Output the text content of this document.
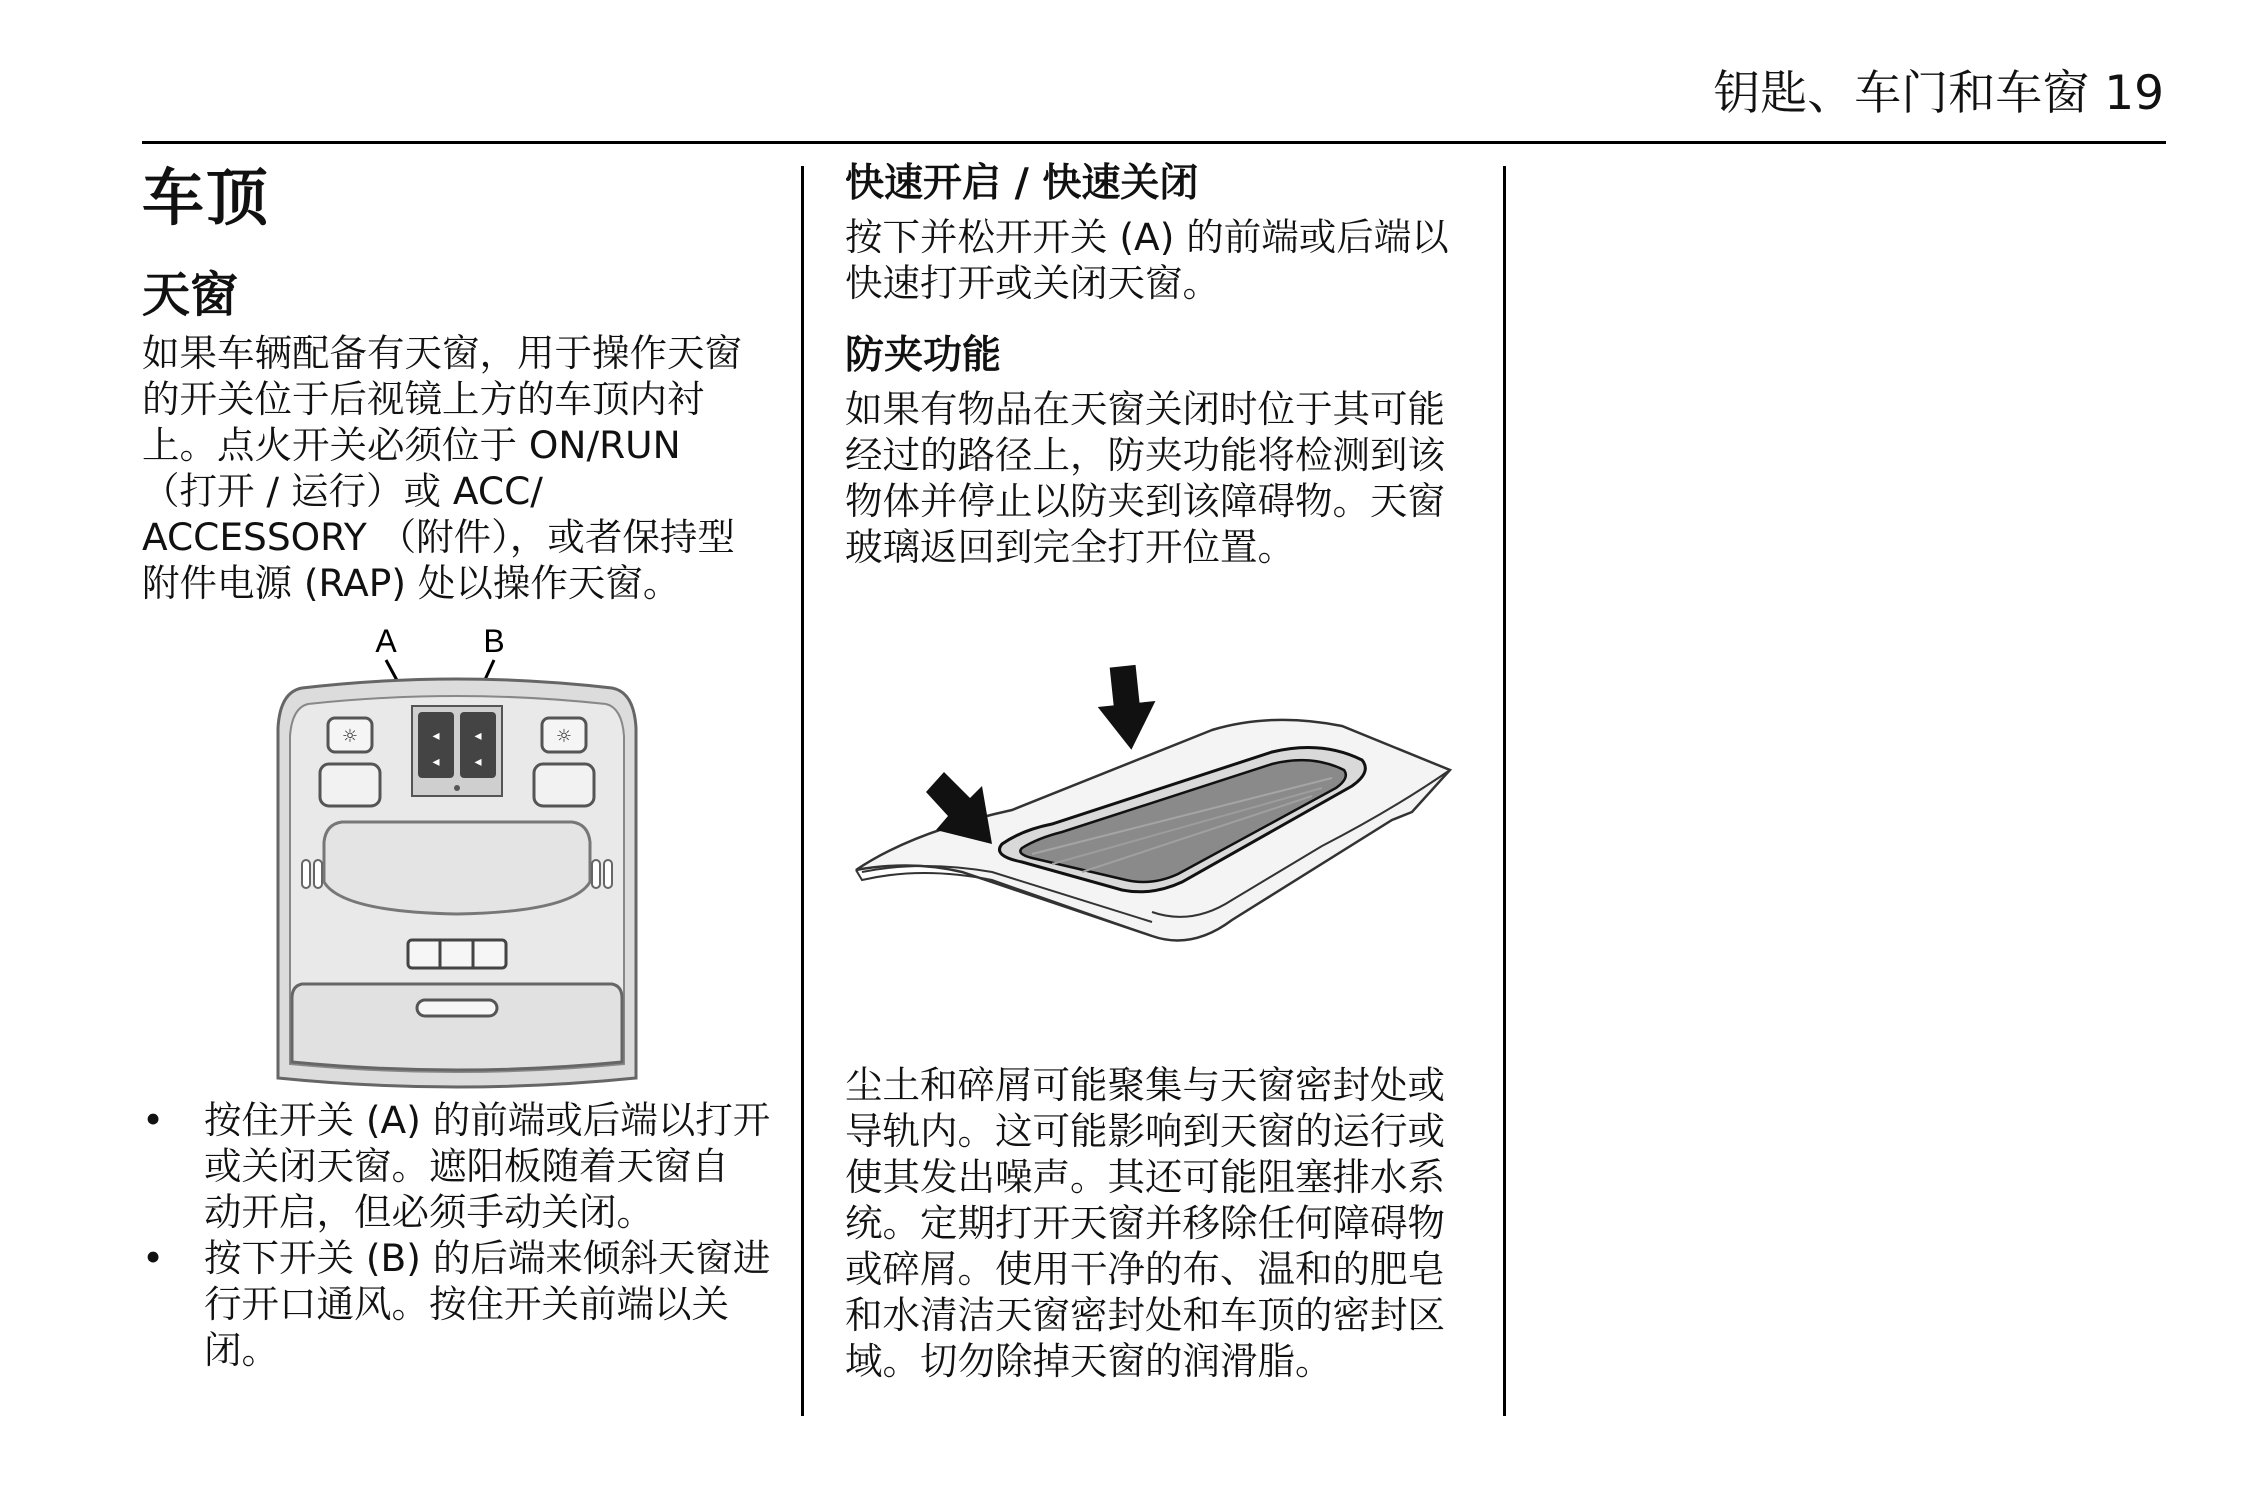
钥匙、车门和车窗 19
车顶
天窗
如果车辆配备有天窗，用于操作天窗
的开关位于后视镜上方的车顶内衬
上。点火开关必须位于 ON/RUN
（打开 / 运行）或 ACC/
ACCESSORY （附件），或者保持型
附件电源 (RAP) 处以操作天窗。
A	B
☼	☼
◂
◂
◂
◂
• 按住开关 (A) 的前端或后端以打开
或关闭天窗。遮阳板随着天窗自
动开启，但必须手动关闭。
• 按下开关 (B) 的后端来倾斜天窗进
行开口通风。按住开关前端以关
闭。
快速开启 / 快速关闭
按下并松开开关 (A) 的前端或后端以
快速打开或关闭天窗。
防夹功能
如果有物品在天窗关闭时位于其可能
经过的路径上，防夹功能将检测到该
物体并停止以防夹到该障碍物。天窗
玻璃返回到完全打开位置。
尘土和碎屑可能聚集与天窗密封处或
导轨内。这可能影响到天窗的运行或
使其发出噪声。其还可能阻塞排水系
统。定期打开天窗并移除任何障碍物
或碎屑。使用干净的布、温和的肥皂
和水清洁天窗密封处和车顶的密封区
域。切勿除掉天窗的润滑脂。
